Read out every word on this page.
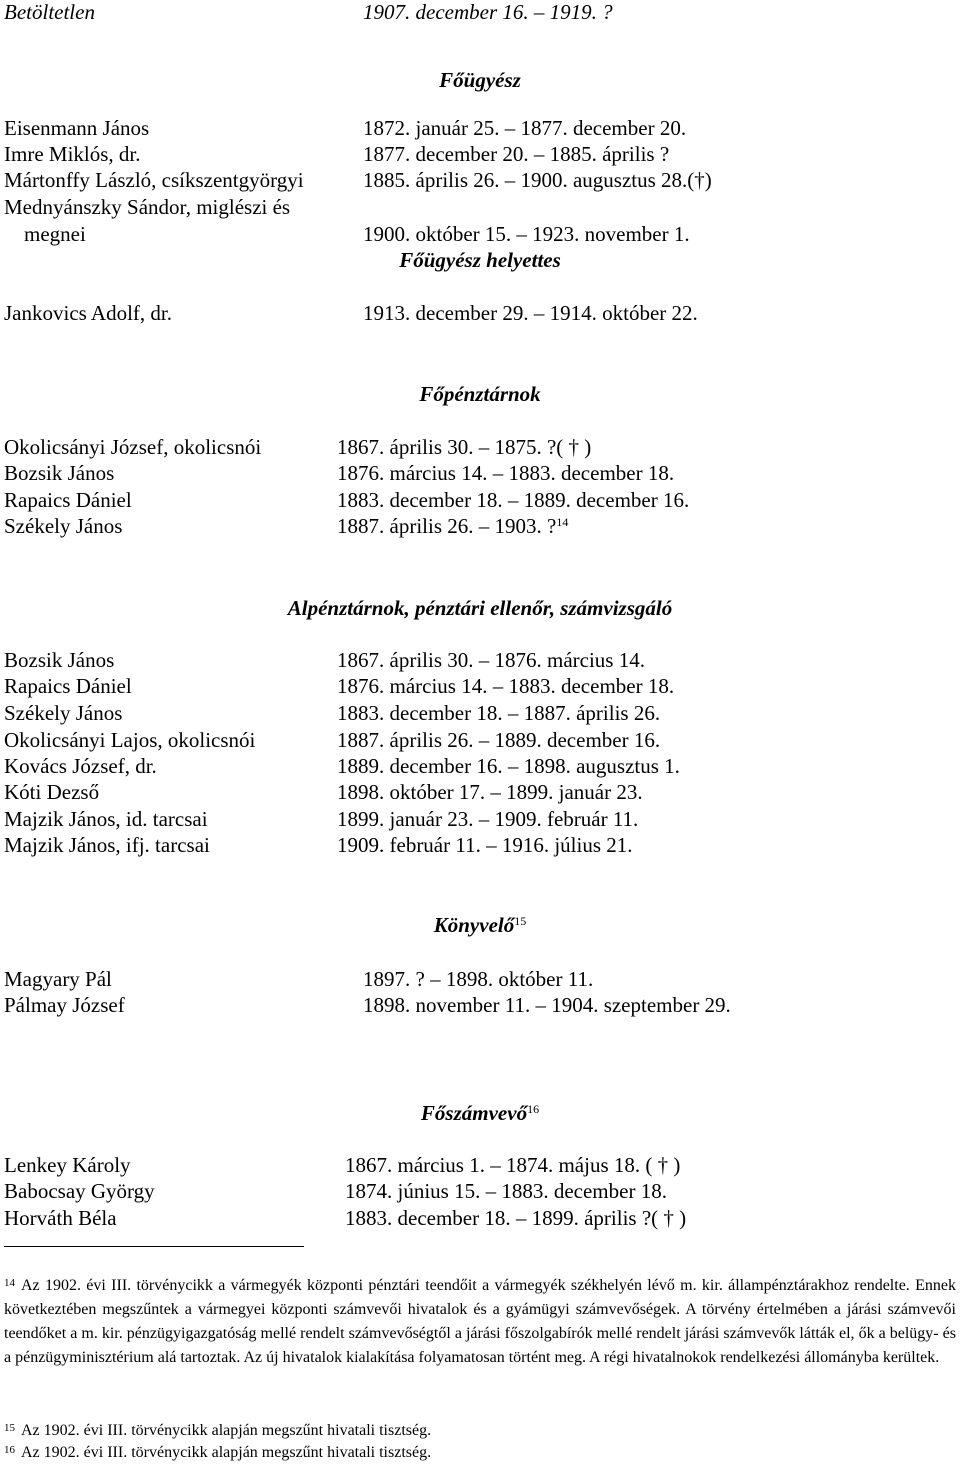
Betöltetlen	1907. december 16. – 1919. ?
Főügyész
Eisenmann János	1872. január 25. – 1877. december 20.
Imre Miklós, dr.	1877. december 20. – 1885. április ?
Mártonffy László, csíkszentgyörgyi	1885. április 26. – 1900. augusztus 28.(†)
Mednyánszky Sándor, miglészi és
megnei	1900. október 15. – 1923. november 1.
Főügyész helyettes
Jankovics Adolf, dr.	1913. december 29. – 1914. október 22.
Főpénztárnok
Okolicsányi József, okolicsnói	1867. április 30. – 1875. ?( † )
Bozsik János	1876. március 14. – 1883. december 18.
Rapaics Dániel	1883. december 18. – 1889. december 16.
Székely János	1887. április 26. – 1903. ?$^{14}$
Alpénztárnok, pénztári ellenőr, számvizsgáló
Bozsik János	1867. április 30. – 1876. március 14.
Rapaics Dániel	1876. március 14. – 1883. december 18.
Székely János	1883. december 18. – 1887. április 26.
Okolicsányi Lajos, okolicsnói	1887. április 26. – 1889. december 16.
Kovács József, dr.	1889. december 16. – 1898. augusztus 1.
Kóti Dezső	1898. október 17. – 1899. január 23.
Majzik János, id. tarcsai	1899. január 23. – 1909. február 11.
Majzik János, ifj. tarcsai	1909. február 11. – 1916. július 21.
Könyvelő$^{15}$
Magyary Pál	1897. ? – 1898. október 11.
Pálmay József	1898. november 11. – 1904. szeptember 29.
Főszámvevő$^{16}$
Lenkey Károly	1867. március 1. – 1874. május 18. ( † )
Babocsay György	1874. június 15. – 1883. december 18.
Horváth Béla	1883. december 18. – 1899. április ?( † )
$^{14}$ Az 1902. évi III. törvénycikk a vármegyék központi pénztári teendőit a vármegyék székhelyén lévő m. kir. állampénztárakhoz rendelte. Ennek következtében megszűntek a vármegyei központi számvevői hivatalok és a gyámügyi számvevőségek. A törvény értelmében a járási számvevői teendőket a m. kir. pénzügyigazgatóság mellé rendelt számvevőségtől a járási főszolgabírók mellé rendelt járási számvevők látták el, ők a belügy- és a pénzügyminisztérium alá tartoztak. Az új hivatalok kialakítása folyamatosan történt meg. A régi hivatalnokok rendelkezési állományba kerültek.
$^{15}$ Az 1902. évi III. törvénycikk alapján megszűnt hivatali tisztség.
$^{16}$ Az 1902. évi III. törvénycikk alapján megszűnt hivatali tisztség.
